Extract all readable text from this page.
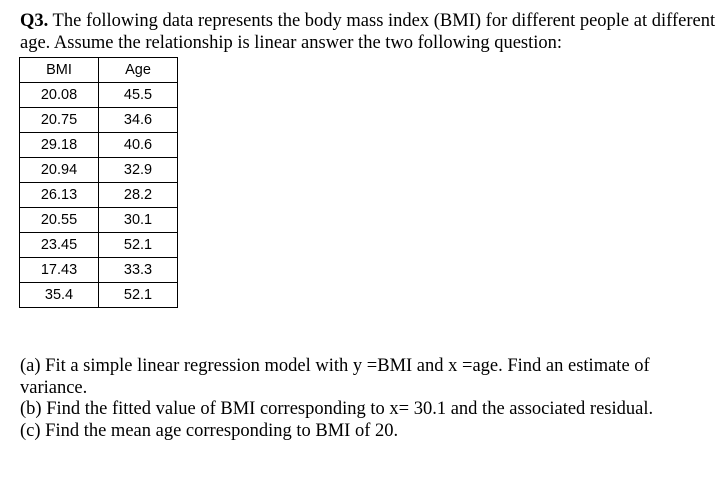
Q3. The following data represents the body mass index (BMI) for different people at different age. Assume the relationship is linear answer the two following question:
BMI	Age
20.08	45.5
20.75	34.6
29.18	40.6
20.94	32.9
26.13	28.2
20.55	30.1
23.45	52.1
17.43	33.3
35.4	52.1

(a) Fit a simple linear regression model with y =BMI and x =age. Find an estimate of variance.

(b) Find the fitted value of BMI corresponding to x= 30.1 and the associated residual.

(c) Find the mean age corresponding to BMI of 20.
